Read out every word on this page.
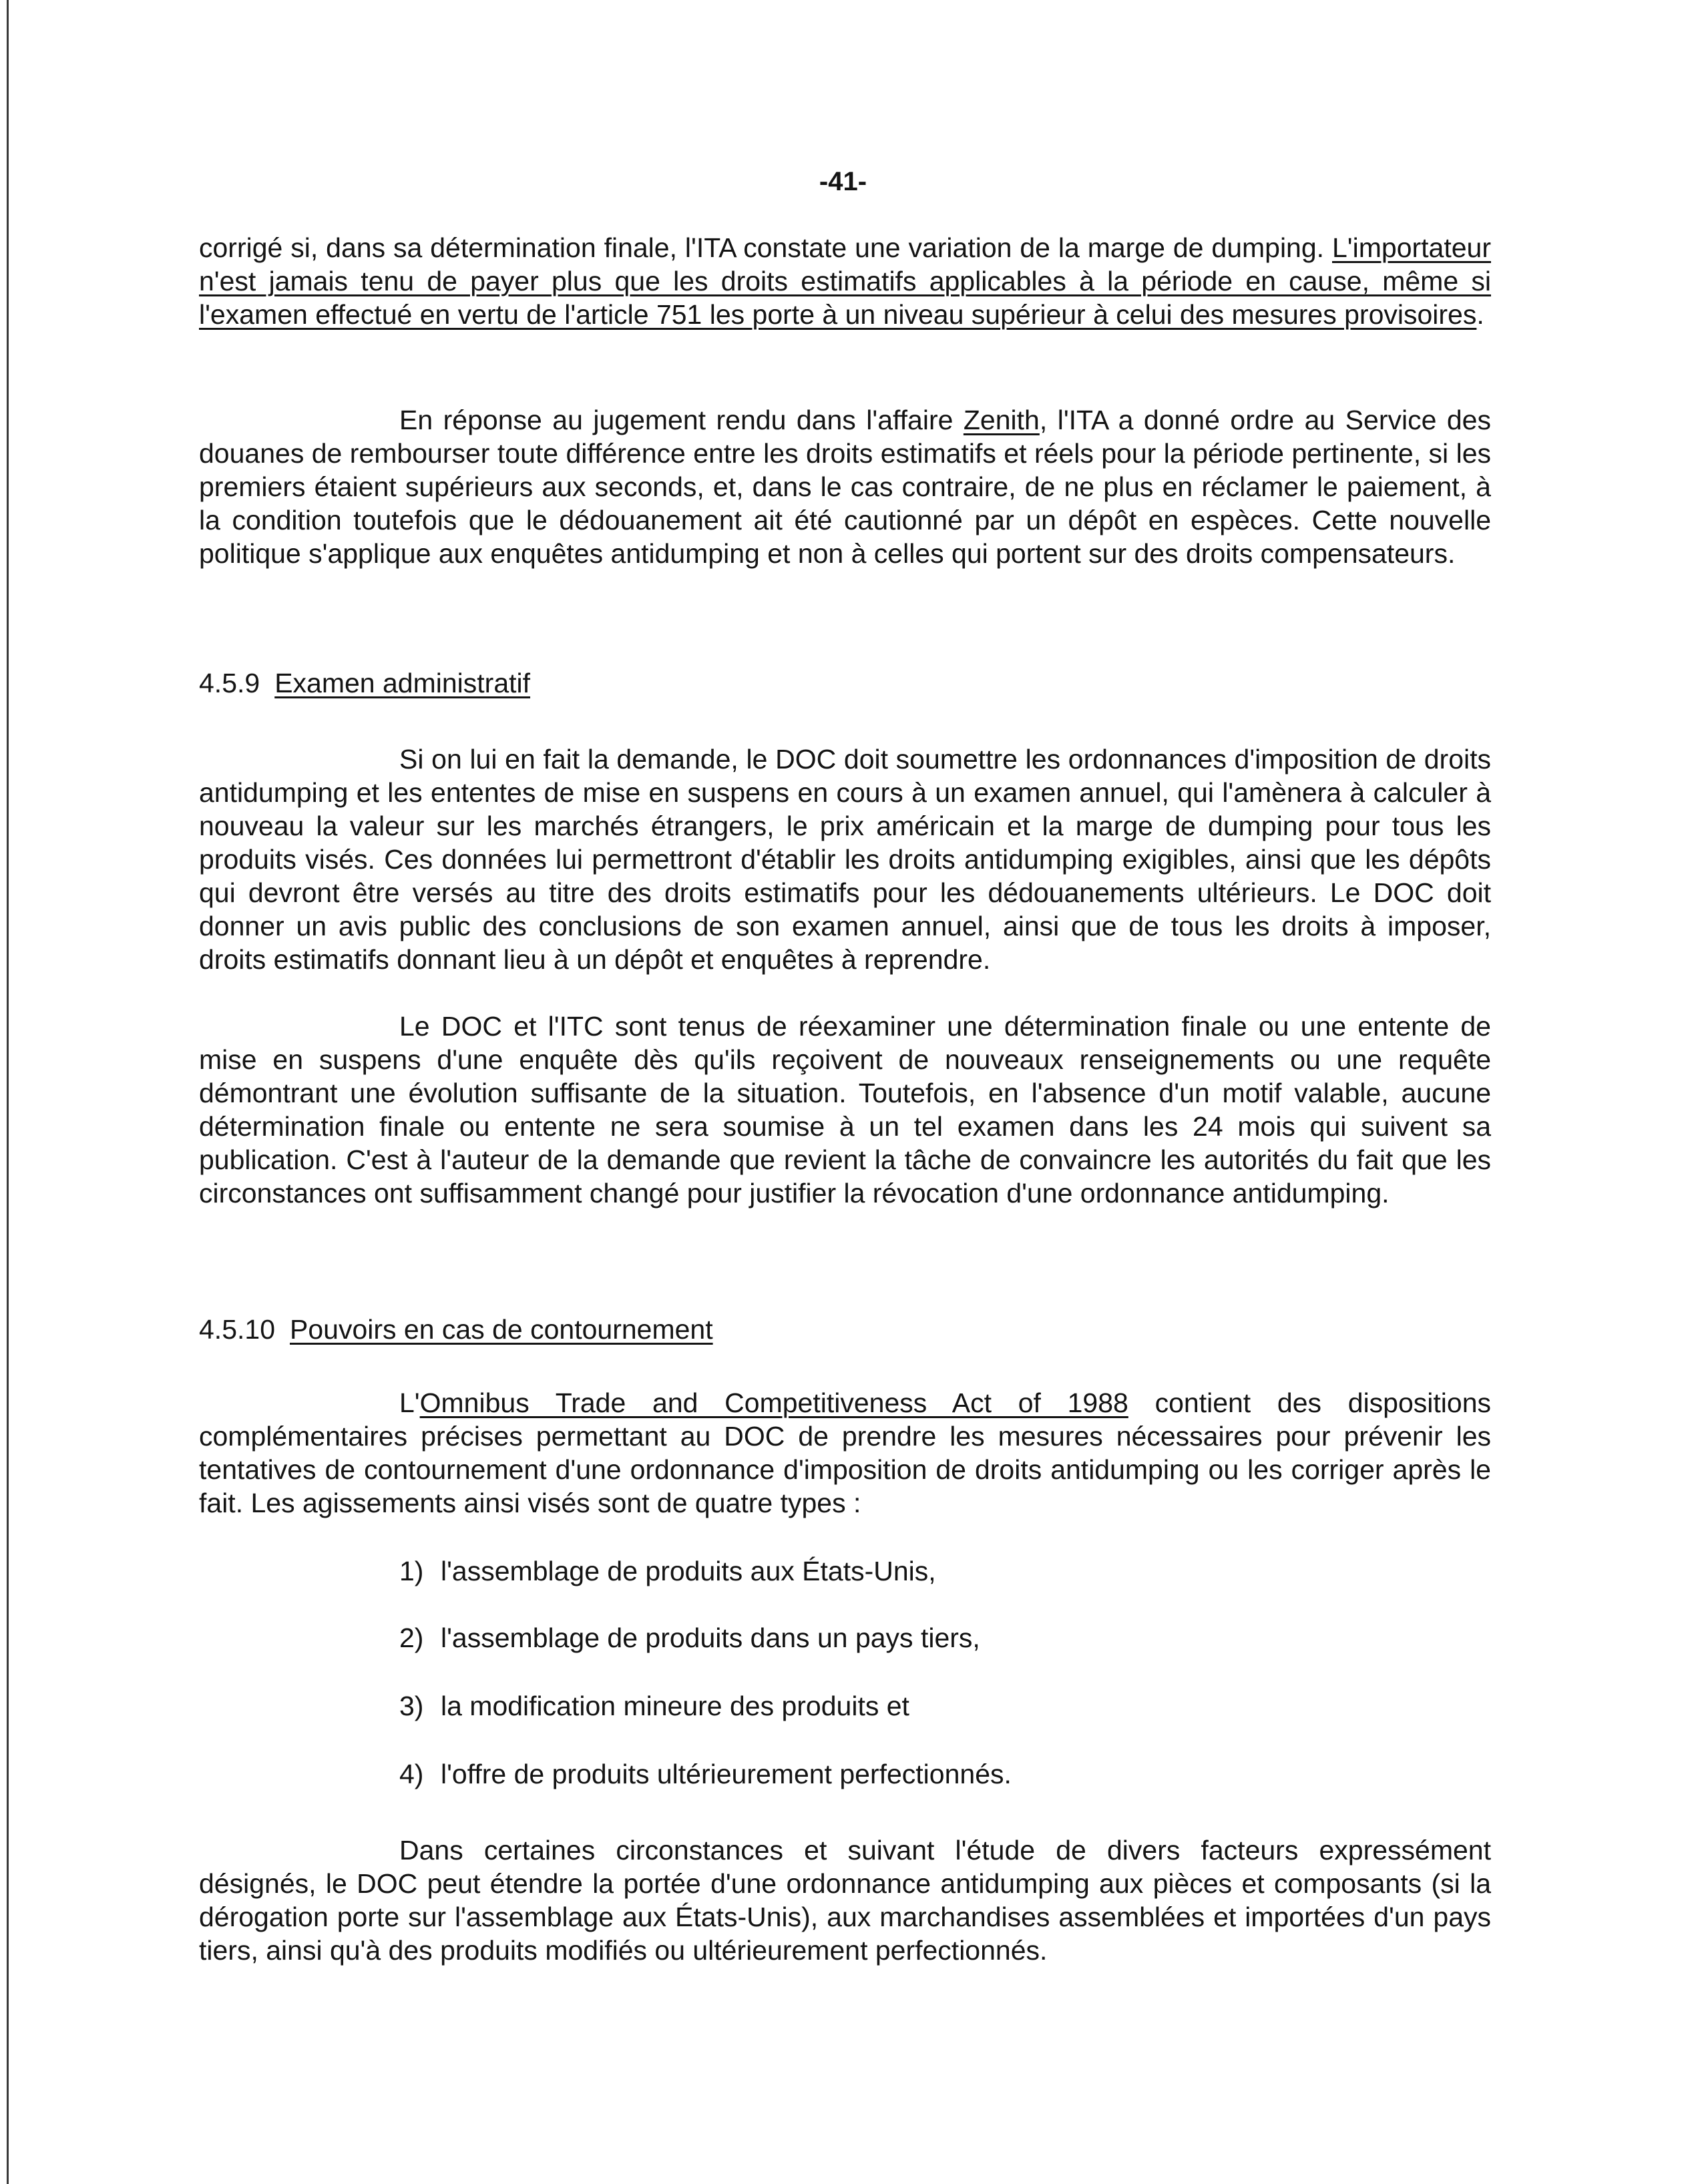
-41-

corrigé si, dans sa détermination finale, l'ITA constate une variation de la marge de dumping. L'importateur n'est jamais tenu de payer plus que les droits estimatifs applicables à la période en cause, même si l'examen effectué en vertu de l'article 751 les porte à un niveau supérieur à celui des mesures provisoires.

En réponse au jugement rendu dans l'affaire Zenith, l'ITA a donné ordre au Service des douanes de rembourser toute différence entre les droits estimatifs et réels pour la période pertinente, si les premiers étaient supérieurs aux seconds, et, dans le cas contraire, de ne plus en réclamer le paiement, à la condition toutefois que le dédouanement ait été cautionné par un dépôt en espèces. Cette nouvelle politique s'applique aux enquêtes antidumping et non à celles qui portent sur des droits compensateurs.

4.5.9 Examen administratif

Si on lui en fait la demande, le DOC doit soumettre les ordonnances d'imposition de droits antidumping et les ententes de mise en suspens en cours à un examen annuel, qui l'amènera à calculer à nouveau la valeur sur les marchés étrangers, le prix américain et la marge de dumping pour tous les produits visés. Ces données lui permettront d'établir les droits antidumping exigibles, ainsi que les dépôts qui devront être versés au titre des droits estimatifs pour les dédouanements ultérieurs. Le DOC doit donner un avis public des conclusions de son examen annuel, ainsi que de tous les droits à imposer, droits estimatifs donnant lieu à un dépôt et enquêtes à reprendre.

Le DOC et l'ITC sont tenus de réexaminer une détermination finale ou une entente de mise en suspens d'une enquête dès qu'ils reçoivent de nouveaux renseignements ou une requête démontrant une évolution suffisante de la situation. Toutefois, en l'absence d'un motif valable, aucune détermination finale ou entente ne sera soumise à un tel examen dans les 24 mois qui suivent sa publication. C'est à l'auteur de la demande que revient la tâche de convaincre les autorités du fait que les circonstances ont suffisamment changé pour justifier la révocation d'une ordonnance antidumping.

4.5.10 Pouvoirs en cas de contournement

L'Omnibus Trade and Competitiveness Act of 1988 contient des dispositions complémentaires précises permettant au DOC de prendre les mesures nécessaires pour prévenir les tentatives de contournement d'une ordonnance d'imposition de droits antidumping ou les corriger après le fait. Les agissements ainsi visés sont de quatre types :

1) l'assemblage de produits aux États-Unis,

2) l'assemblage de produits dans un pays tiers,

3) la modification mineure des produits et

4) l'offre de produits ultérieurement perfectionnés.

Dans certaines circonstances et suivant l'étude de divers facteurs expressément désignés, le DOC peut étendre la portée d'une ordonnance antidumping aux pièces et composants (si la dérogation porte sur l'assemblage aux États-Unis), aux marchandises assemblées et importées d'un pays tiers, ainsi qu'à des produits modifiés ou ultérieurement perfectionnés.
